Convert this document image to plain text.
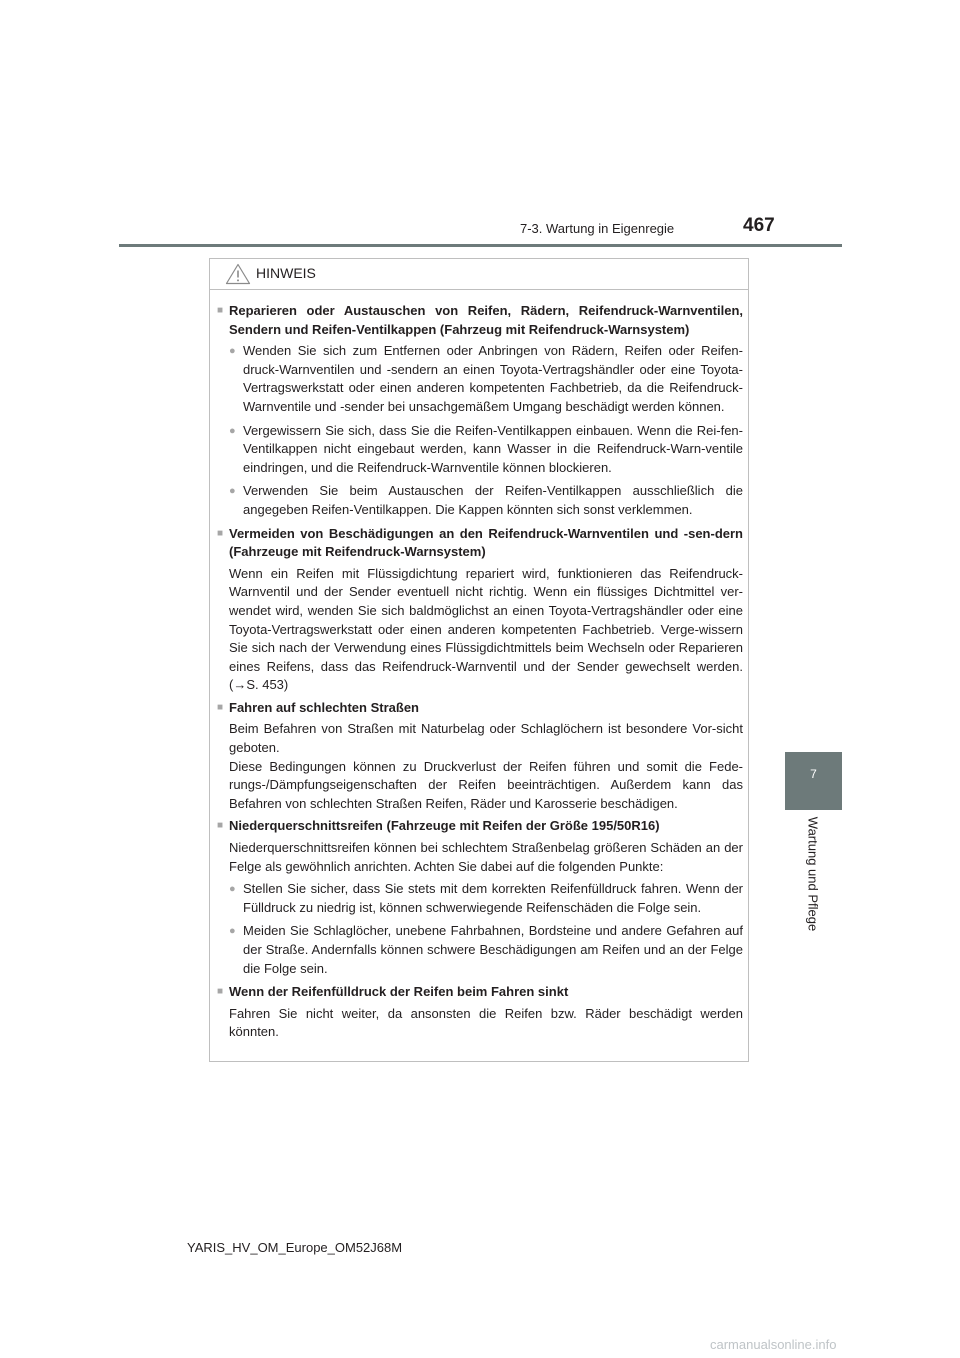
7-3. Wartung in Eigenregie	467
7
Wartung und Pflege
HINWEIS
■ Reparieren oder Austauschen von Reifen, Rädern, Reifendruck-Warnventilen, Sendern und Reifen-Ventilkappen (Fahrzeug mit Reifendruck-Warnsystem)
● Wenden Sie sich zum Entfernen oder Anbringen von Rädern, Reifen oder Reifen-druck-Warnventilen und -sendern an einen Toyota-Vertragshändler oder eine Toyota-Vertragswerkstatt oder einen anderen kompetenten Fachbetrieb, da die Reifendruck-Warnventile und -sender bei unsachgemäßem Umgang beschädigt werden können.
● Vergewissern Sie sich, dass Sie die Reifen-Ventilkappen einbauen. Wenn die Rei-fen-Ventilkappen nicht eingebaut werden, kann Wasser in die Reifendruck-Warn-ventile eindringen, und die Reifendruck-Warnventile können blockieren.
● Verwenden Sie beim Austauschen der Reifen-Ventilkappen ausschließlich die angegeben Reifen-Ventilkappen. Die Kappen könnten sich sonst verklemmen.
■ Vermeiden von Beschädigungen an den Reifendruck-Warnventilen und -sen-dern (Fahrzeuge mit Reifendruck-Warnsystem)
Wenn ein Reifen mit Flüssigdichtung repariert wird, funktionieren das Reifendruck-Warnventil und der Sender eventuell nicht richtig. Wenn ein flüssiges Dichtmittel ver-wendet wird, wenden Sie sich baldmöglichst an einen Toyota-Vertragshändler oder eine Toyota-Vertragswerkstatt oder einen anderen kompetenten Fachbetrieb. Verge-wissern Sie sich nach der Verwendung eines Flüssigdichtmittels beim Wechseln oder Reparieren eines Reifens, dass das Reifendruck-Warnventil und der Sender gewechselt werden. (→S. 453)
■ Fahren auf schlechten Straßen
Beim Befahren von Straßen mit Naturbelag oder Schlaglöchern ist besondere Vor-sicht geboten.
Diese Bedingungen können zu Druckverlust der Reifen führen und somit die Fede-rungs-/Dämpfungseigenschaften der Reifen beeinträchtigen. Außerdem kann das Befahren von schlechten Straßen Reifen, Räder und Karosserie beschädigen.
■ Niederquerschnittsreifen (Fahrzeuge mit Reifen der Größe 195/50R16)
Niederquerschnittsreifen können bei schlechtem Straßenbelag größeren Schäden an der Felge als gewöhnlich anrichten. Achten Sie dabei auf die folgenden Punkte:
● Stellen Sie sicher, dass Sie stets mit dem korrekten Reifenfülldruck fahren. Wenn der Fülldruck zu niedrig ist, können schwerwiegende Reifenschäden die Folge sein.
● Meiden Sie Schlaglöcher, unebene Fahrbahnen, Bordsteine und andere Gefahren auf der Straße. Andernfalls können schwere Beschädigungen am Reifen und an der Felge die Folge sein.
■ Wenn der Reifenfülldruck der Reifen beim Fahren sinkt
Fahren Sie nicht weiter, da ansonsten die Reifen bzw. Räder beschädigt werden könnten.
YARIS_HV_OM_Europe_OM52J68M
carmanualsonline.info
